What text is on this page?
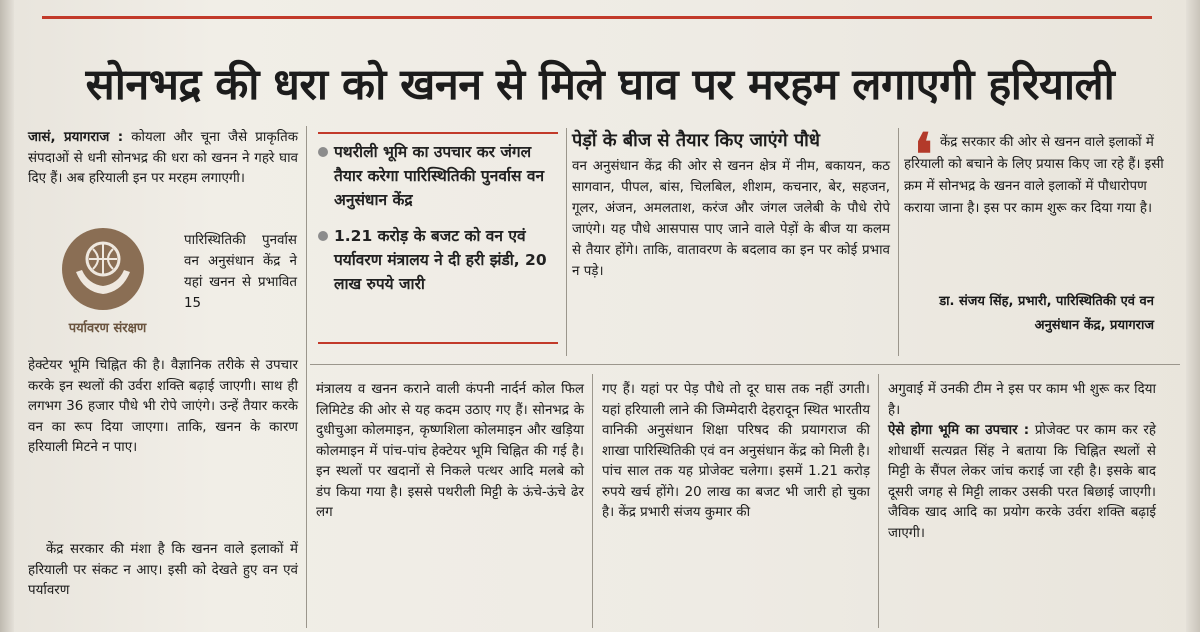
सोनभद्र की धरा को खनन से मिले घाव पर मरहम लगाएगी हरियाली
जासं, प्रयागराज : कोयला और चूना जैसे प्राकृतिक संपदाओं से धनी सोनभद्र की धरा को खनन ने गहरे घाव दिए हैं। अब हरियाली इन पर मरहम लगाएगी।
पर्यावरण संरक्षण
पारिस्थितिकी पुनर्वास वन अनुसंधान केंद्र ने यहां खनन से प्रभावित 15
हेक्टेयर भूमि चिह्नित की है। वैज्ञानिक तरीके से उपचार करके इन स्थलों की उर्वरा शक्ति बढ़ाई जाएगी। साथ ही लगभग 36 हजार पौधे भी रोपे जाएंगे। उन्हें तैयार करके वन का रूप दिया जाएगा। ताकि, खनन के कारण हरियाली मिटने न पाए।
केंद्र सरकार की मंशा है कि खनन वाले इलाकों में हरियाली पर संकट न आए। इसी को देखते हुए वन एवं पर्यावरण
पथरीली भूमि का उपचार कर जंगल तैयार करेगा पारिस्थितिकी पुनर्वास वन अनुसंधान केंद्र
1.21 करोड़ के बजट को वन एवं पर्यावरण मंत्रालय ने दी हरी झंडी, 20 लाख रुपये जारी
पेड़ों के बीज से तैयार किए जाएंगे पौधे
वन अनुसंधान केंद्र की ओर से खनन क्षेत्र में नीम, बकायन, कठ सागवान, पीपल, बांस, चिलबिल, शीशम, कचनार, बेर, सहजन, गूलर, अंजन, अमलताश, करंज और जंगल जलेबी के पौधे रोपे जाएंगे। यह पौधे आसपास पाए जाने वाले पेड़ों के बीज या कलम से तैयार होंगे। ताकि, वातावरण के बदलाव का इन पर कोई प्रभाव न पड़े।
❛ केंद्र सरकार की ओर से खनन वाले इलाकों में हरियाली को बचाने के लिए प्रयास किए जा रहे हैं। इसी क्रम में सोनभद्र के खनन वाले इलाकों में पौधारोपण कराया जाना है। इस पर काम शुरू कर दिया गया है।
डा. संजय सिंह, प्रभारी, पारिस्थितिकी एवं वन अनुसंधान केंद्र, प्रयागराज
मंत्रालय व खनन कराने वाली कंपनी नार्दर्न कोल फिल लिमिटेड की ओर से यह कदम उठाए गए हैं। सोनभद्र के दुधीचुआ कोलमाइन, कृष्णशिला कोलमाइन और खड़िया कोलमाइन में पांच-पांच हेक्टेयर भूमि चिह्नित की गई है। इन स्थलों पर खदानों से निकले पत्थर आदि मलबे को डंप किया गया है। इससे पथरीली मिट्टी के ऊंचे-ऊंचे ढेर लग
गए हैं। यहां पर पेड़ पौधे तो दूर घास तक नहीं उगती। यहां हरियाली लाने की जिम्मेदारी देहरादून स्थित भारतीय वानिकी अनुसंधान शिक्षा परिषद की प्रयागराज की शाखा पारिस्थितिकी एवं वन अनुसंधान केंद्र को मिली है। पांच साल तक यह प्रोजेक्ट चलेगा। इसमें 1.21 करोड़ रुपये खर्च होंगे। 20 लाख का बजट भी जारी हो चुका है। केंद्र प्रभारी संजय कुमार की
अगुवाई में उनकी टीम ने इस पर काम भी शुरू कर दिया है।
ऐसे होगा भूमि का उपचार : प्रोजेक्ट पर काम कर रहे शोधार्थी सत्यव्रत सिंह ने बताया कि चिह्नित स्थलों से मिट्टी के सैंपल लेकर जांच कराई जा रही है। इसके बाद दूसरी जगह से मिट्टी लाकर उसकी परत बिछाई जाएगी। जैविक खाद आदि का प्रयोग करके उर्वरा शक्ति बढ़ाई जाएगी।
